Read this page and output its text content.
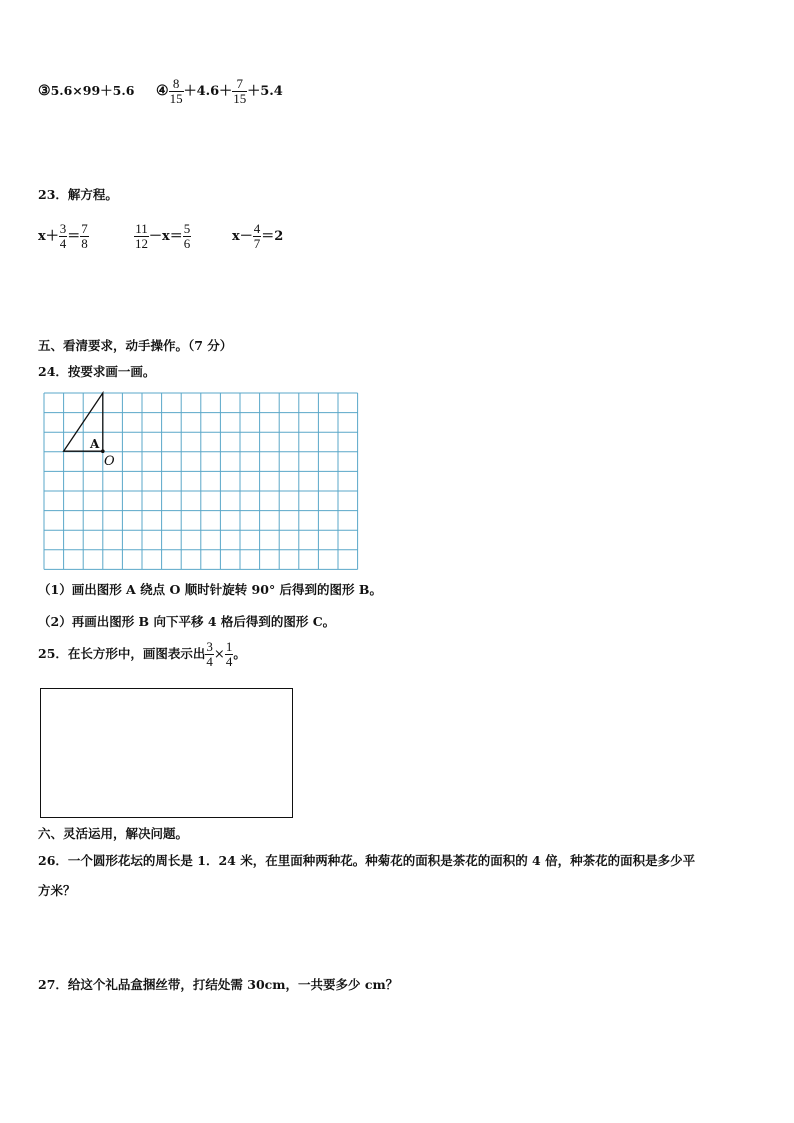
③ 5.6×99＋5.6 ④ $\frac{8}{15} +4.6+ \frac{7}{15} +5.4$
23．解方程。
$x+ \frac{3}{4} = \frac{7}{8}$	$\frac{11}{12} -x= \frac{5}{6}$	$x- \frac{4}{7} =2$
五、看清要求，动手操作。（7 分）
24．按要求画一画。
A
O
（1）画出图形 A 绕点 O 顺时针旋转 90° 后得到的图形 B。
（2）再画出图形 B 向下平移 4 格后得到的图形 C。
25．在长方形中，画图表示出 $\frac{3}{4} \times \frac{1}{4}$ 。
六、灵活运用，解决问题。
26．一个圆形花坛的周长是 1．24 米，在里面种两种花。种菊花的面积是茶花的面积的 4 倍，种茶花的面积是多少平
方米？
27．给这个礼品盒捆丝带，打结处需 30cm，一共要多少 cm？
